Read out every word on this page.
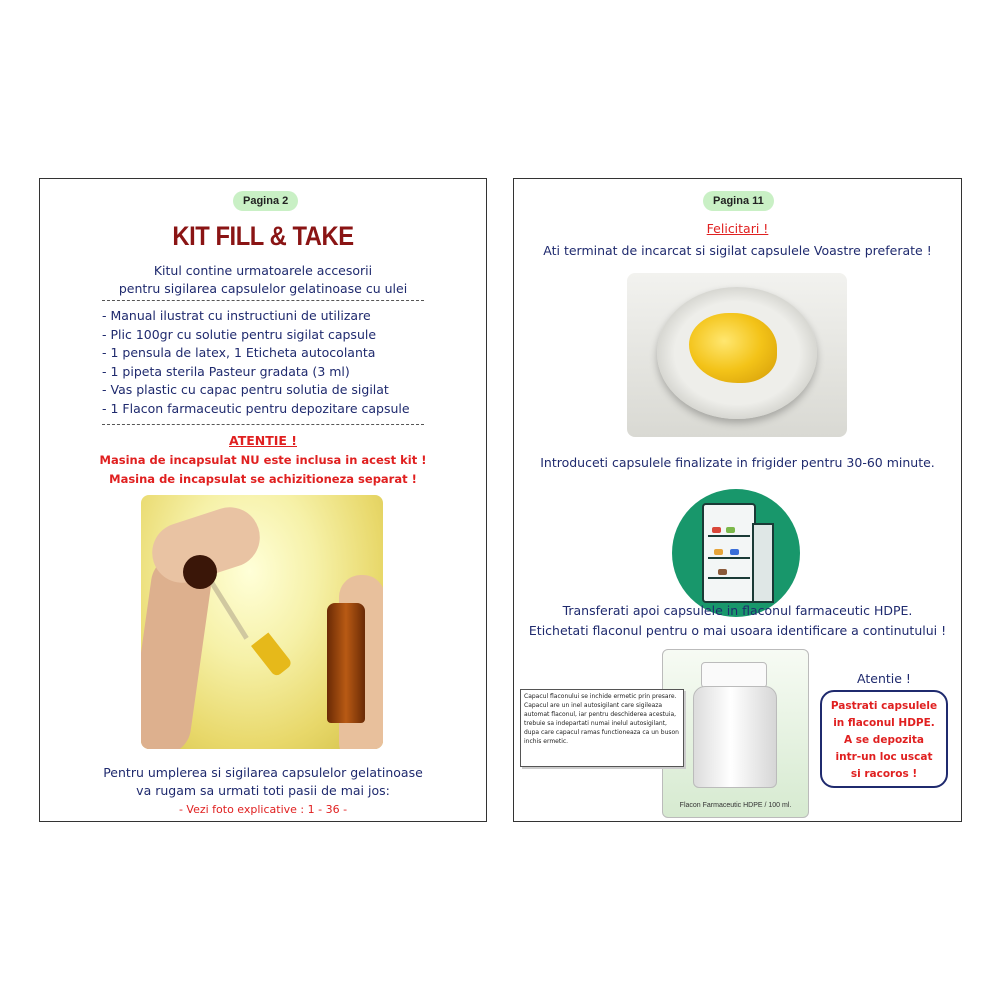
Pagina 2
KIT FILL & TAKE
Kitul contine urmatoarele accesorii
pentru sigilarea capsulelor gelatinoase cu ulei
- Manual ilustrat cu instructiuni de utilizare
- Plic 100gr cu solutie pentru sigilat capsule
- 1 pensula de latex, 1 Eticheta autocolanta
- 1 pipeta sterila Pasteur gradata (3 ml)
- Vas plastic cu capac pentru solutia de sigilat
- 1 Flacon farmaceutic pentru depozitare capsule
ATENTIE !
Masina de incapsulat NU este inclusa in acest kit !
Masina de incapsulat se achizitioneza separat !
Pentru umplerea si sigilarea capsulelor gelatinoase
va rugam sa urmati toti pasii de mai jos:
- Vezi foto explicative : 1 - 36 -
Pagina 11
Felicitari !
Ati terminat de incarcat si sigilat capsulele Voastre preferate !
Introduceti capsulele finalizate in frigider pentru 30-60 minute.
Transferati apoi capsulele in flaconul farmaceutic HDPE.
Etichetati flaconul pentru o mai usoara identificare a continutului !
Flacon Farmaceutic HDPE / 100 ml.
Capacul flaconului se inchide ermetic prin presare. Capacul are un inel autosigilant care sigileaza automat flaconul, iar pentru deschiderea acestuia, trebuie sa indepartati numai inelul autosigilant, dupa care capacul ramas functioneaza ca un buson inchis ermetic.
Atentie !
Pastrati capsulele
in flaconul HDPE.
A se depozita
intr-un loc uscat
si racoros !
